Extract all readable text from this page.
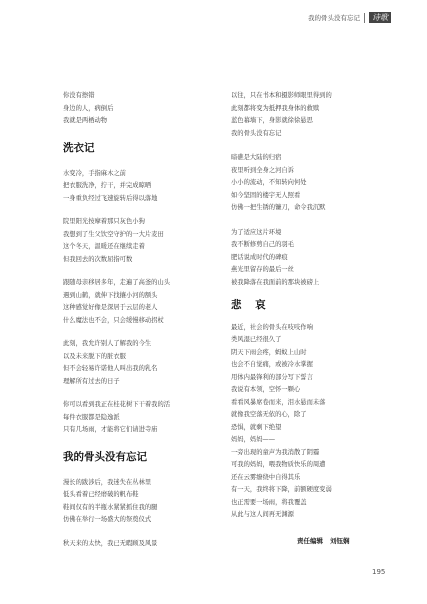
我的骨头没有忘记	诗歌
你没有擦错
身边的人，病倒后
我就是两栖动物
洗衣记
水变冷，手指麻木之前
把衣服洗净，拧干，并完成晾晒
一身重负经过飞速旋转后得以落地
院里阳光按摩着那只灰色小狗
我想到了生父饮空守护的一大片麦田
这个冬天，温暖还在继续走着
但我回去的次数屈指可数
跟随母亲移居多年，走遍了高釜的山头
遇到山鹤，就伸下找攘小河的额头
这种感觉好像是深居于云层的老人
什么魔法也不会，只会缓慢移动拐杖
此刻，我允许别人了解我的今生
以及未来脱下的脏衣服
但不会轻易许诺他人叫出我的乳名
理解所有过去的日子
你可以看到我正在桂花树下干着我的活
每件衣服都是隐逸派
只有几场雨，才能将它们请进寺庙
我的骨头没有忘记
漫长的跋涉后，我迷失在丛林里
低头看着已经磨破的帆布鞋
鞋间仅有的半瓶水紧紧抓住我的腿
仿佛在举行一场盛大的祭奠仪式
秋天来的太快，我已无暇顾及风景
以往，只在书本和摄影师眼里得到的
此刻都将变为抵押我身体的救赎
蓝色幕墙下，身影就徐徐悬思
我的骨头没有忘记
暗礁是大陆的归宿
夜里听到全身之河自诉
小小的流动，不知转向何处
如今坚固的楼宇无人照看
仿佛一把生锈的镰刀，命令我沉默
为了适应这片环境
我不断修剪自己的羽毛
肥话说成时代的碑痕
燕光里留存的最后一丝
被我降落在我面前的那块被磅上
悲 哀
最近，社会的骨头在吱吱作响
类风湿已经很久了
阴天下雨会疼，蚂蚁上山时
也会不自觉痛，或被冷水掌握
用体内最锋利的部分写下誓言
我说有本领，空怀一颗心
看看风暴席卷而来，泪水悬而未落
就像我空落无依的心，除了
恐惧，就剩下绝望
妈妈，妈妈——
一旁出现的童声为我消散了阴霾
可我的妈妈，喂我物质快乐的周遭
还在云雾缭绕中自得其乐
有一天，我终将下降，前额硬度变弱
也正需要一场雨，将我覆盖
从此与这人间再无渊源
责任编辑 刘钰娴
195
